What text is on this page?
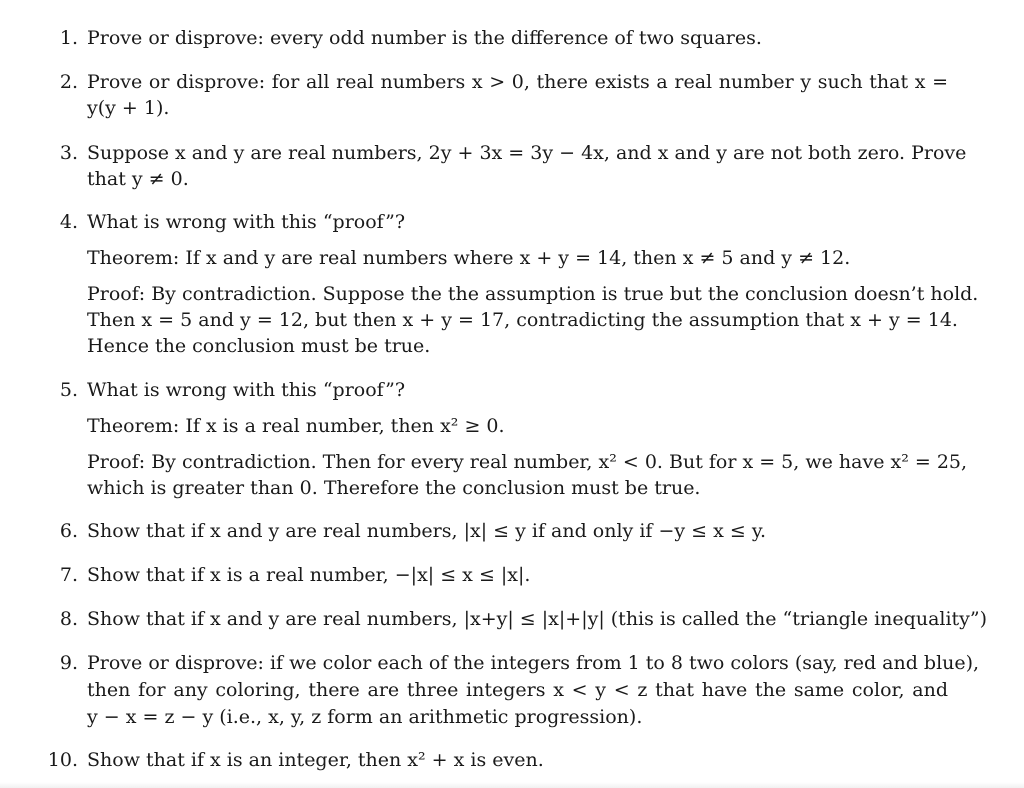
1. Prove or disprove: every odd number is the difference of two squares.
2. Prove or disprove: for all real numbers x > 0, there exists a real number y such that x =
y(y + 1).
3. Suppose x and y are real numbers, 2y + 3x = 3y − 4x, and x and y are not both zero. Prove
that y ≠ 0.
4. What is wrong with this “proof”?
Theorem: If x and y are real numbers where x + y = 14, then x ≠ 5 and y ≠ 12.
Proof: By contradiction. Suppose the the assumption is true but the conclusion doesn’t hold.
Then x = 5 and y = 12, but then x + y = 17, contradicting the assumption that x + y = 14.
Hence the conclusion must be true.
5. What is wrong with this “proof”?
Theorem: If x is a real number, then x² ≥ 0.
Proof: By contradiction. Then for every real number, x² < 0. But for x = 5, we have x² = 25,
which is greater than 0. Therefore the conclusion must be true.
6. Show that if x and y are real numbers, |x| ≤ y if and only if −y ≤ x ≤ y.
7. Show that if x is a real number, −|x| ≤ x ≤ |x|.
8. Show that if x and y are real numbers, |x+y| ≤ |x|+|y| (this is called the “triangle inequality”)
9. Prove or disprove: if we color each of the integers from 1 to 8 two colors (say, red and blue),
then for any coloring, there are three integers x < y < z that have the same color, and
y − x = z − y (i.e., x, y, z form an arithmetic progression).
10. Show that if x is an integer, then x² + x is even.
